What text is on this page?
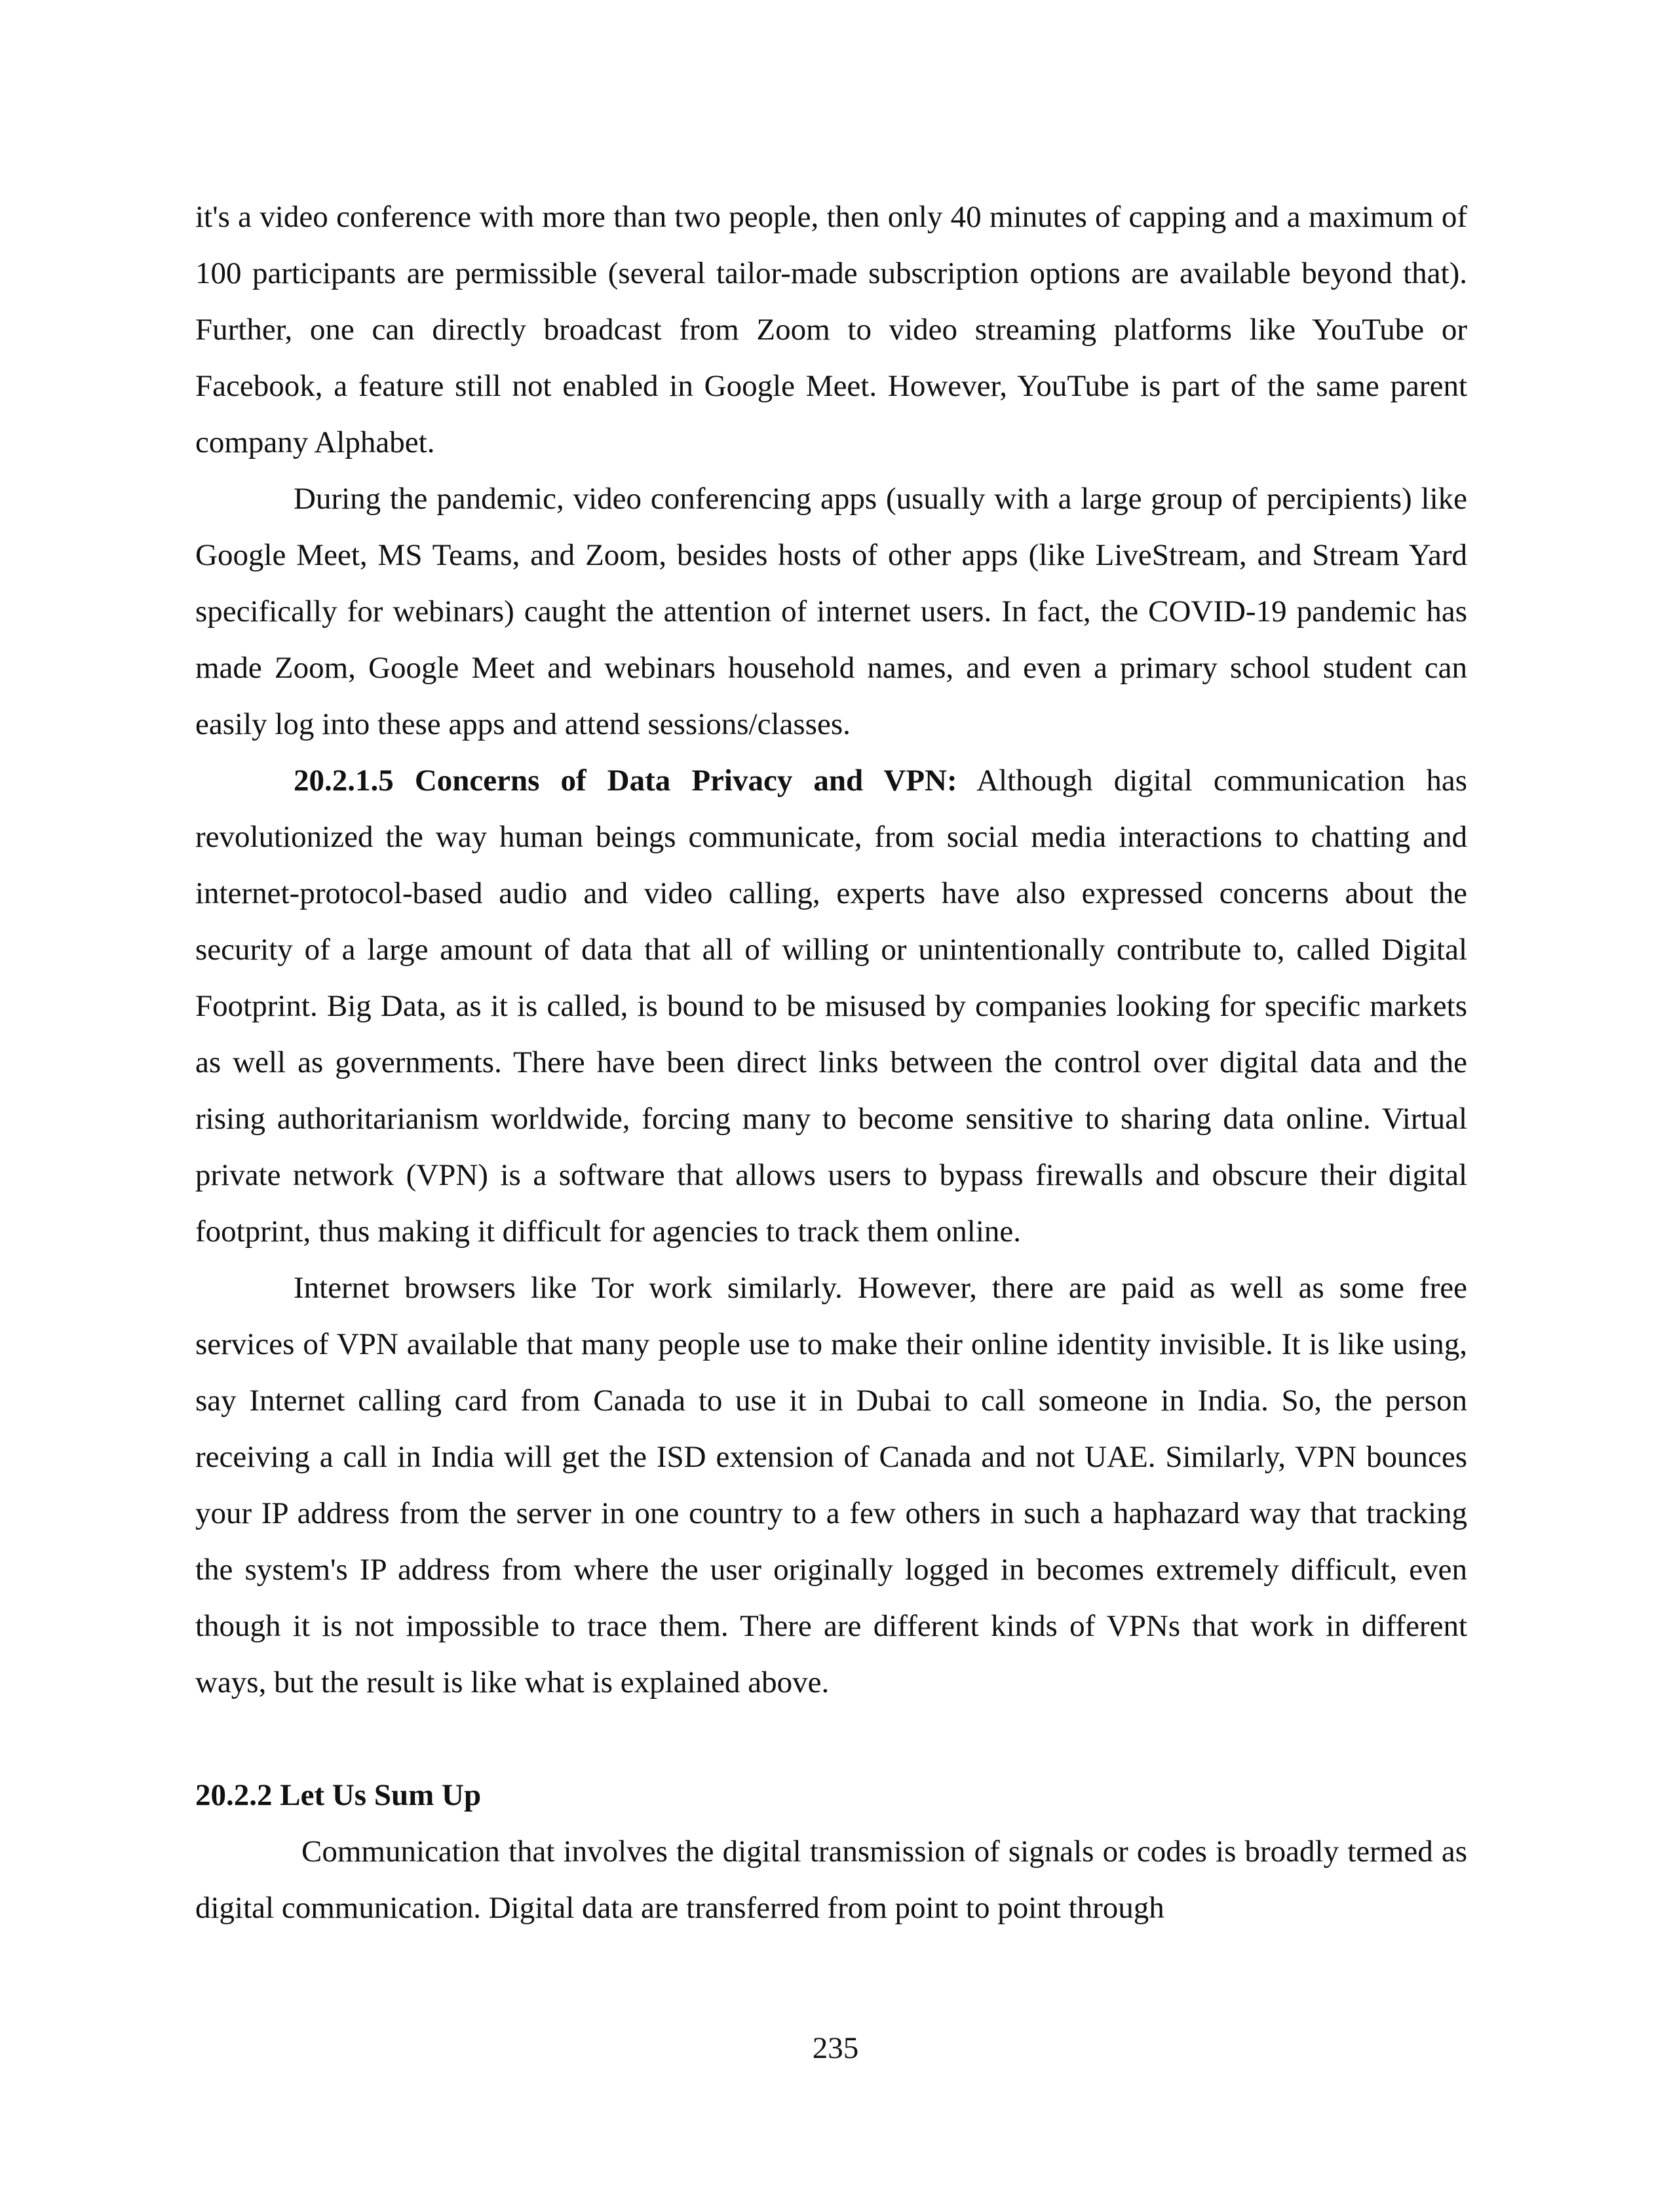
it's a video conference with more than two people, then only 40 minutes of capping and a maximum of 100 participants are permissible (several tailor-made subscription options are available beyond that). Further, one can directly broadcast from Zoom to video streaming platforms like YouTube or Facebook, a feature still not enabled in Google Meet. However, YouTube is part of the same parent company Alphabet.

During the pandemic, video conferencing apps (usually with a large group of percipients) like Google Meet, MS Teams, and Zoom, besides hosts of other apps (like LiveStream, and Stream Yard specifically for webinars) caught the attention of internet users. In fact, the COVID-19 pandemic has made Zoom, Google Meet and webinars household names, and even a primary school student can easily log into these apps and attend sessions/classes.

20.2.1.5 Concerns of Data Privacy and VPN: Although digital communication has revolutionized the way human beings communicate, from social media interactions to chatting and internet-protocol-based audio and video calling, experts have also expressed concerns about the security of a large amount of data that all of willing or unintentionally contribute to, called Digital Footprint. Big Data, as it is called, is bound to be misused by companies looking for specific markets as well as governments. There have been direct links between the control over digital data and the rising authoritarianism worldwide, forcing many to become sensitive to sharing data online. Virtual private network (VPN) is a software that allows users to bypass firewalls and obscure their digital footprint, thus making it difficult for agencies to track them online.

Internet browsers like Tor work similarly. However, there are paid as well as some free services of VPN available that many people use to make their online identity invisible. It is like using, say Internet calling card from Canada to use it in Dubai to call someone in India. So, the person receiving a call in India will get the ISD extension of Canada and not UAE. Similarly, VPN bounces your IP address from the server in one country to a few others in such a haphazard way that tracking the system's IP address from where the user originally logged in becomes extremely difficult, even though it is not impossible to trace them. There are different kinds of VPNs that work in different ways, but the result is like what is explained above.

20.2.2 Let Us Sum Up

Communication that involves the digital transmission of signals or codes is broadly termed as digital communication. Digital data are transferred from point to point through

235
